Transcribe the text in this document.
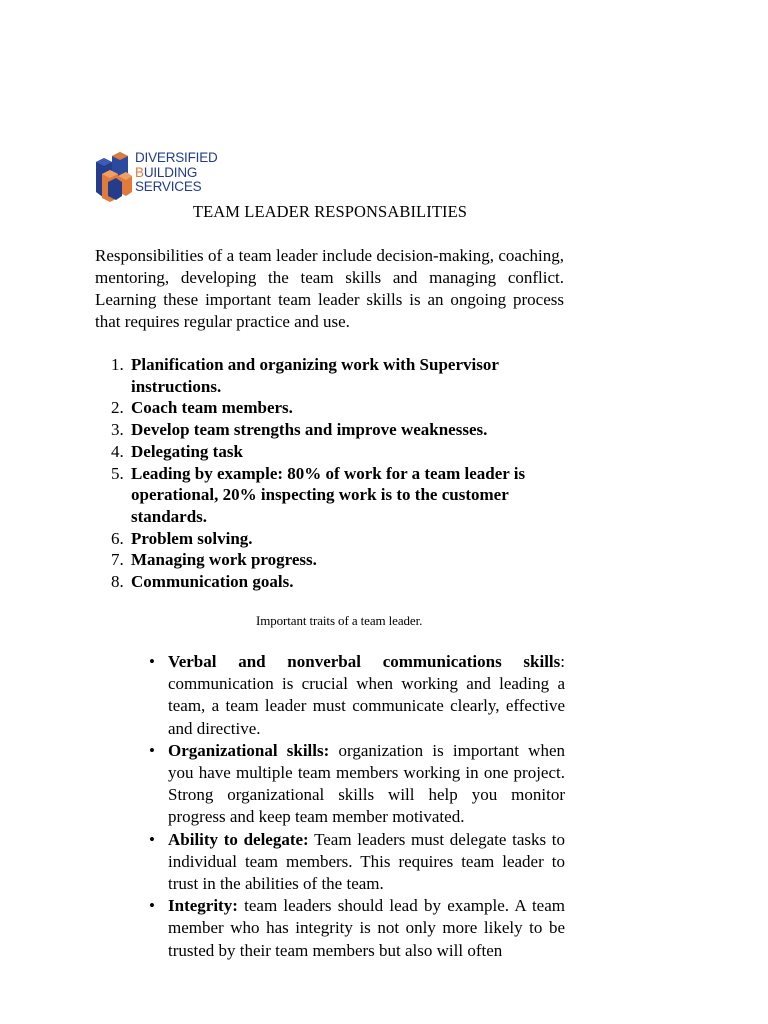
DIVERSIFIED
BUILDING
SERVICES
TEAM LEADER RESPONSABILITIES

Responsibilities of a team leader include decision-making, coaching, mentoring, developing the team skills and managing conflict. Learning these important team leader skills is an ongoing process that requires regular practice and use.

1. Planification and organizing work with Supervisor instructions.
2. Coach team members.
3. Develop team strengths and improve weaknesses.
4. Delegating task
5. Leading by example: 80% of work for a team leader is operational, 20% inspecting work is to the customer standards.
6. Problem solving.
7. Managing work progress.
8. Communication goals.
Important traits of a team leader.
• Verbal and nonverbal communications skills: communication is crucial when working and leading a team, a team leader must communicate clearly, effective and directive.
• Organizational skills: organization is important when you have multiple team members working in one project. Strong organizational skills will help you monitor progress and keep team member motivated.
• Ability to delegate: Team leaders must delegate tasks to individual team members. This requires team leader to trust in the abilities of the team.
• Integrity: team leaders should lead by example. A team member who has integrity is not only more likely to be trusted by their team members but also will often
